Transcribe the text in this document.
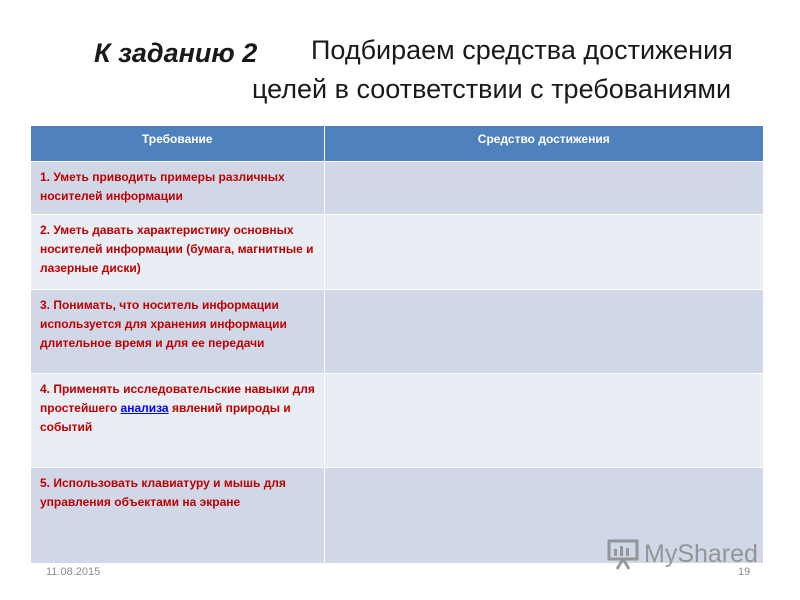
К заданию 2 Подбираем средства достижения
целей в соответствии с требованиями
Требование	Средство достижения
1. Уметь приводить примеры различных носителей информации	
2. Уметь давать характеристику основных носителей информации (бумага, магнитные и лазерные диски)	
3. Понимать, что носитель информации используется для хранения информации длительное время и для ее передачи	
4. Применять исследовательские навыки для простейшего анализа явлений природы и событий	
5. Использовать клавиатуру и мышь для управления объектами на экране	
11.08.2015	19
MyShared
